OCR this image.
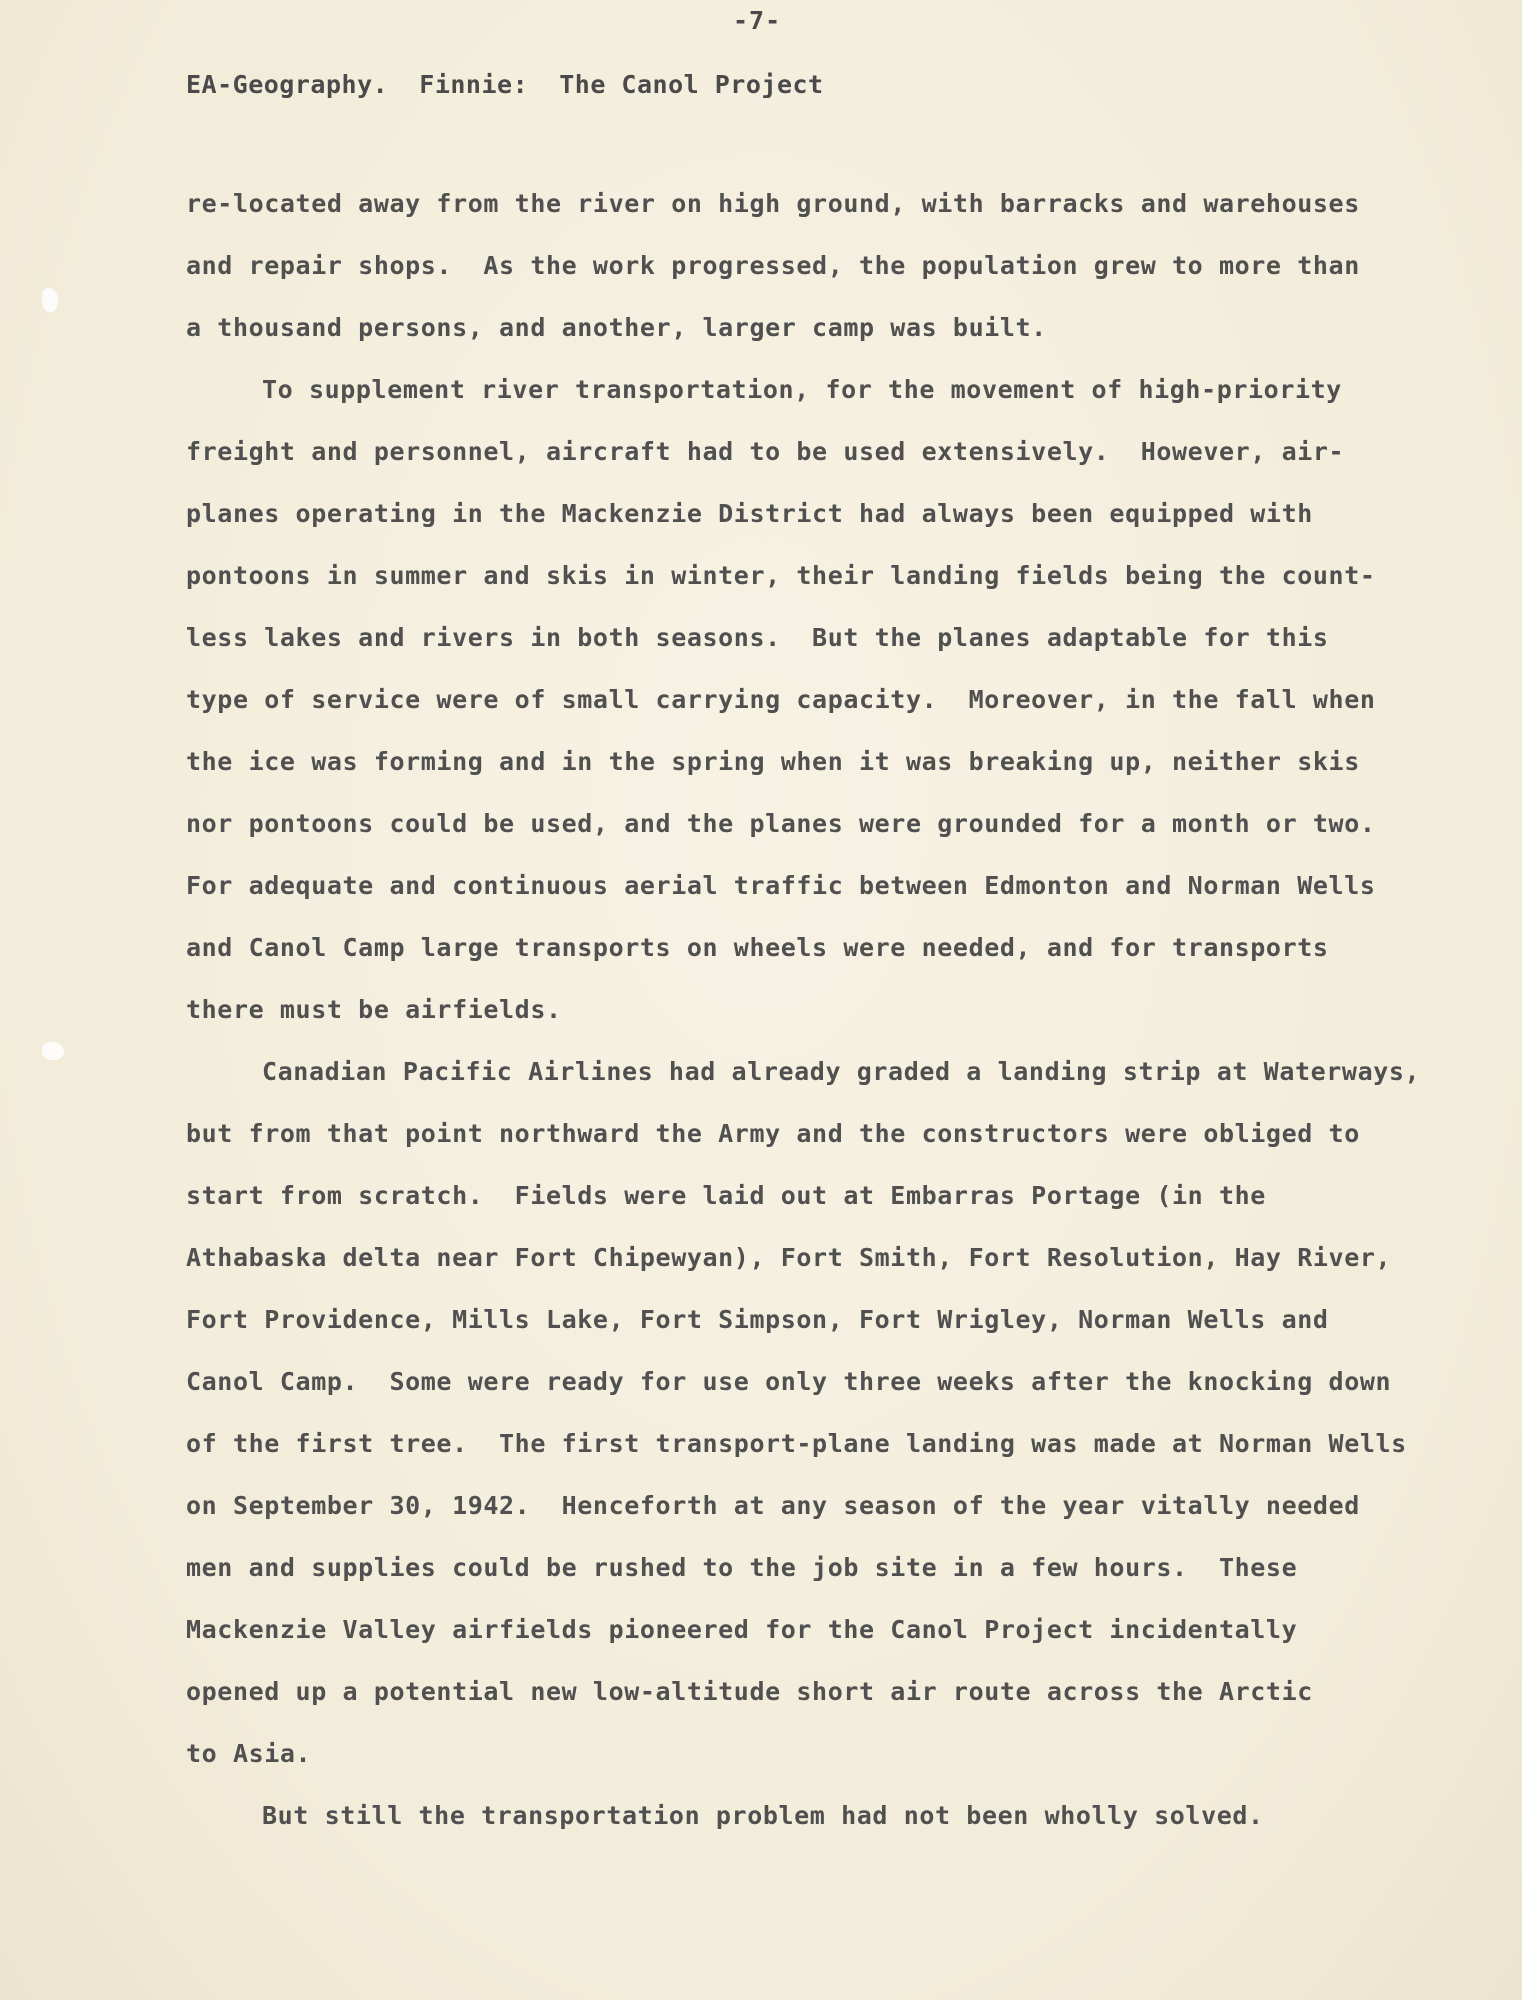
-7-
EA-Geography.  Finnie:  The Canol Project
re-located away from the river on high ground, with barracks and warehouses
and repair shops.  As the work progressed, the population grew to more than
a thousand persons, and another, larger camp was built.
To supplement river transportation, for the movement of high-priority
freight and personnel, aircraft had to be used extensively.  However, air-
planes operating in the Mackenzie District had always been equipped with
pontoons in summer and skis in winter, their landing fields being the count-
less lakes and rivers in both seasons.  But the planes adaptable for this
type of service were of small carrying capacity.  Moreover, in the fall when
the ice was forming and in the spring when it was breaking up, neither skis
nor pontoons could be used, and the planes were grounded for a month or two.
For adequate and continuous aerial traffic between Edmonton and Norman Wells
and Canol Camp large transports on wheels were needed, and for transports
there must be airfields.
Canadian Pacific Airlines had already graded a landing strip at Waterways,
but from that point northward the Army and the constructors were obliged to
start from scratch.  Fields were laid out at Embarras Portage (in the
Athabaska delta near Fort Chipewyan), Fort Smith, Fort Resolution, Hay River,
Fort Providence, Mills Lake, Fort Simpson, Fort Wrigley, Norman Wells and
Canol Camp.  Some were ready for use only three weeks after the knocking down
of the first tree.  The first transport-plane landing was made at Norman Wells
on September 30, 1942.  Henceforth at any season of the year vitally needed
men and supplies could be rushed to the job site in a few hours.  These
Mackenzie Valley airfields pioneered for the Canol Project incidentally
opened up a potential new low-altitude short air route across the Arctic
to Asia.
But still the transportation problem had not been wholly solved.
